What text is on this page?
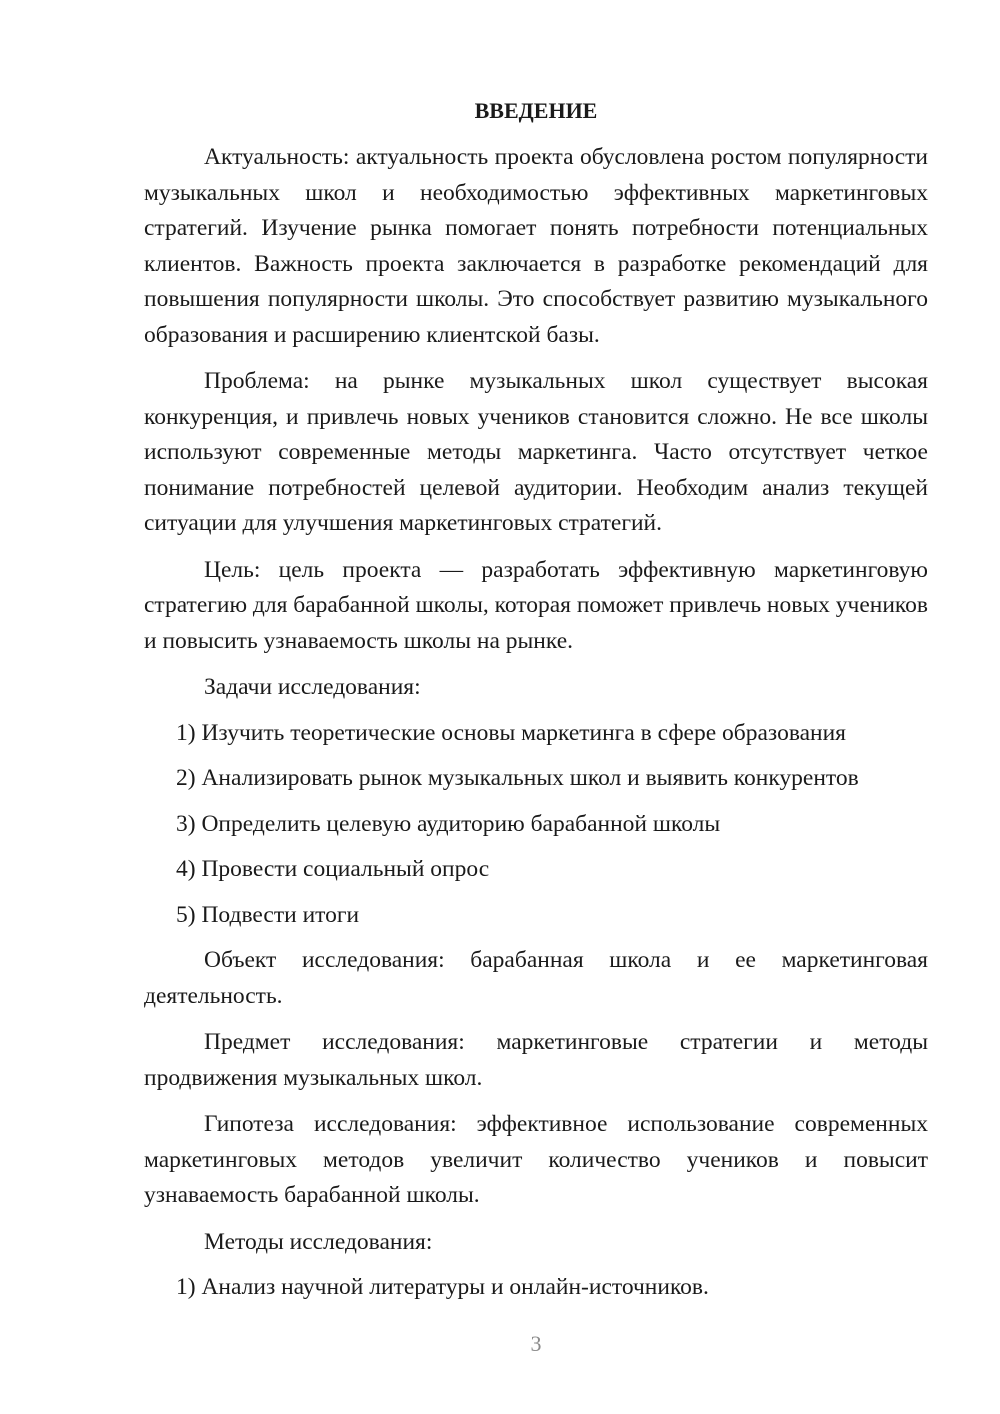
ВВЕДЕНИЕ

Актуальность: актуальность проекта обусловлена ростом популярности музыкальных школ и необходимостью эффективных маркетинговых стратегий. Изучение рынка помогает понять потребности потенциальных клиентов. Важность проекта заключается в разработке рекомендаций для повышения популярности школы. Это способствует развитию музыкального образования и расширению клиентской базы.

Проблема: на рынке музыкальных школ существует высокая конкуренция, и привлечь новых учеников становится сложно. Не все школы используют современные методы маркетинга. Часто отсутствует четкое понимание потребностей целевой аудитории. Необходим анализ текущей ситуации для улучшения маркетинговых стратегий.

Цель: цель проекта — разработать эффективную маркетинговую стратегию для барабанной школы, которая поможет привлечь новых учеников и повысить узнаваемость школы на рынке.

Задачи исследования:

1) Изучить теоретические основы маркетинга в сфере образования
2) Анализировать рынок музыкальных школ и выявить конкурентов
3) Определить целевую аудиторию барабанной школы
4) Провести социальный опрос
5) Подвести итоги

Объект исследования: барабанная школа и ее маркетинговая деятельность.

Предмет исследования: маркетинговые стратегии и методы продвижения музыкальных школ.

Гипотеза исследования: эффективное использование современных маркетинговых методов увеличит количество учеников и повысит узнаваемость барабанной школы.

Методы исследования:

1) Анализ научной литературы и онлайн-источников.
3
